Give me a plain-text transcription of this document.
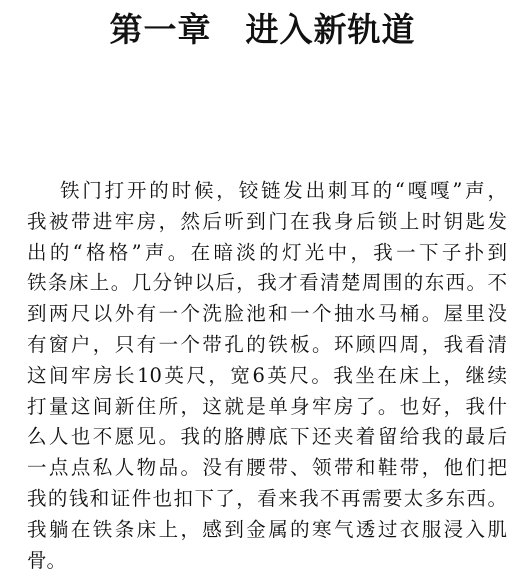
第一章　进入新轨道
铁门打开的时候，铰链发出刺耳的“嘎嘎”声，
我被带进牢房，然后听到门在我身后锁上时钥匙发
出的“格格”声。在暗淡的灯光中，我一下子扑到
铁条床上。几分钟以后，我才看清楚周围的东西。不
到两尺以外有一个洗脸池和一个抽水马桶。屋里没
有窗户，只有一个带孔的铁板。环顾四周，我看清
这间牢房长10英尺，宽6英尺。我坐在床上，继续
打量这间新住所，这就是单身牢房了。也好，我什
么人也不愿见。我的胳膊底下还夹着留给我的最后
一点点私人物品。没有腰带、领带和鞋带，他们把
我的钱和证件也扣下了，看来我不再需要太多东西。
我躺在铁条床上，感到金属的寒气透过衣服浸入肌
骨。
